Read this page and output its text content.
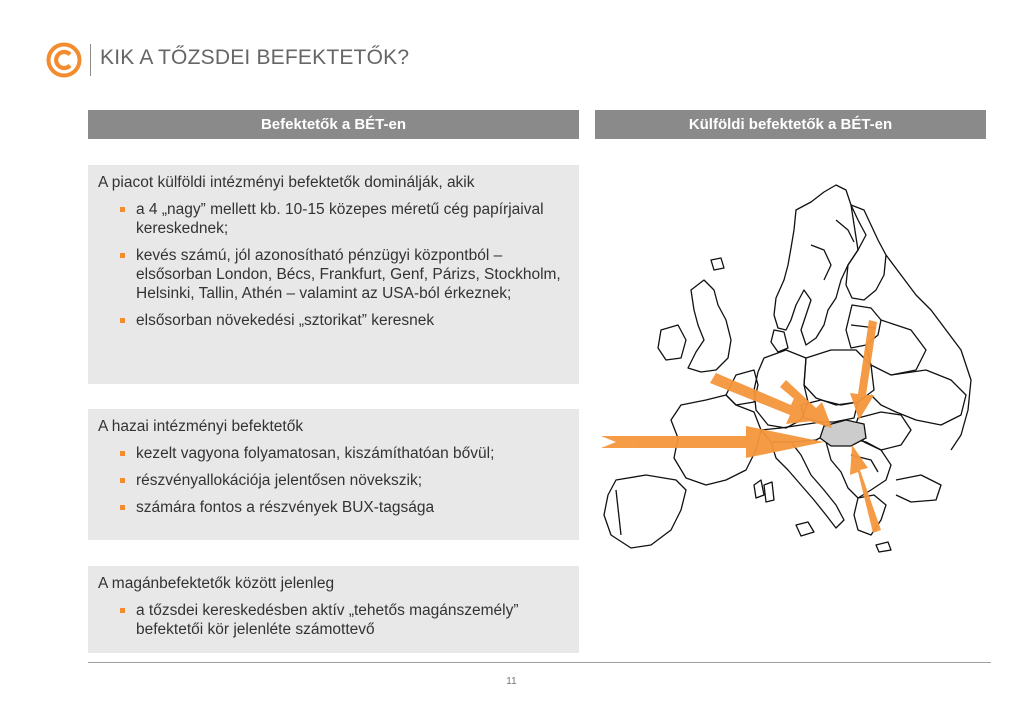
KIK A TŐZSDEI BEFEKTETŐK?
Befektetők a BÉT-en	Külföldi befektetők a BÉT-en
A piacot külföldi intézményi befektetők dominálják, akik
a 4 „nagy” mellett kb. 10-15 közepes méretű cég papírjaival kereskednek;
kevés számú, jól azonosítható pénzügyi központból – elsősorban London, Bécs, Frankfurt, Genf, Párizs, Stockholm, Helsinki, Tallin, Athén – valamint az USA-ból érkeznek;
elsősorban növekedési „sztorikat” keresnek
A hazai intézményi befektetők
kezelt vagyona folyamatosan, kiszámíthatóan bővül;
részvényallokációja jelentősen növekszik;
számára fontos a részvények BUX-tagsága
A magánbefektetők között jelenleg
a tőzsdei kereskedésben aktív „tehetős magánszemély” befektetői kör jelenléte számottevő
11
